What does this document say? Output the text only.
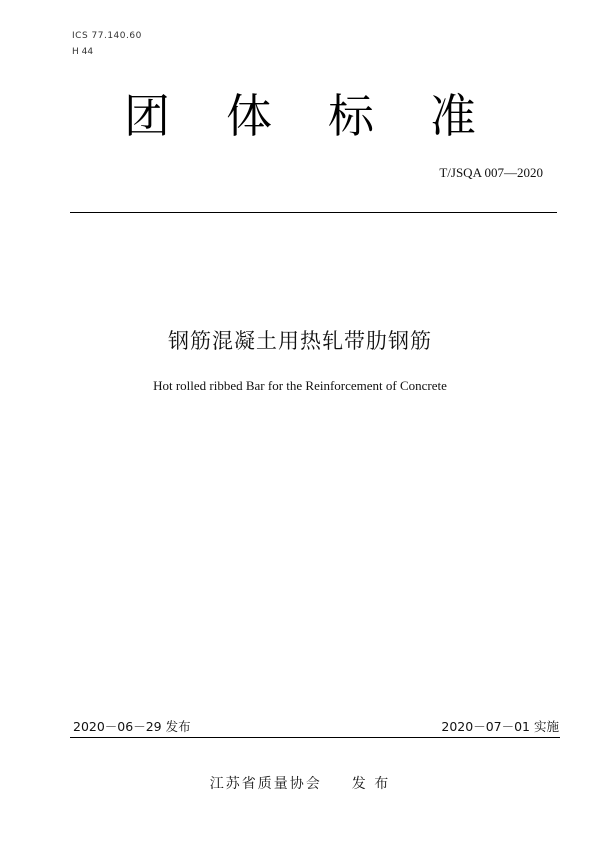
ICS 77.140.60
H 44
团 体 标 准
T/JSQA 007—2020
钢筋混凝土用热轧带肋钢筋
Hot rolled ribbed Bar for the Reinforcement of Concrete
2020－06－29 发布	2020－07－01 实施
江苏省质量协会 发 布
